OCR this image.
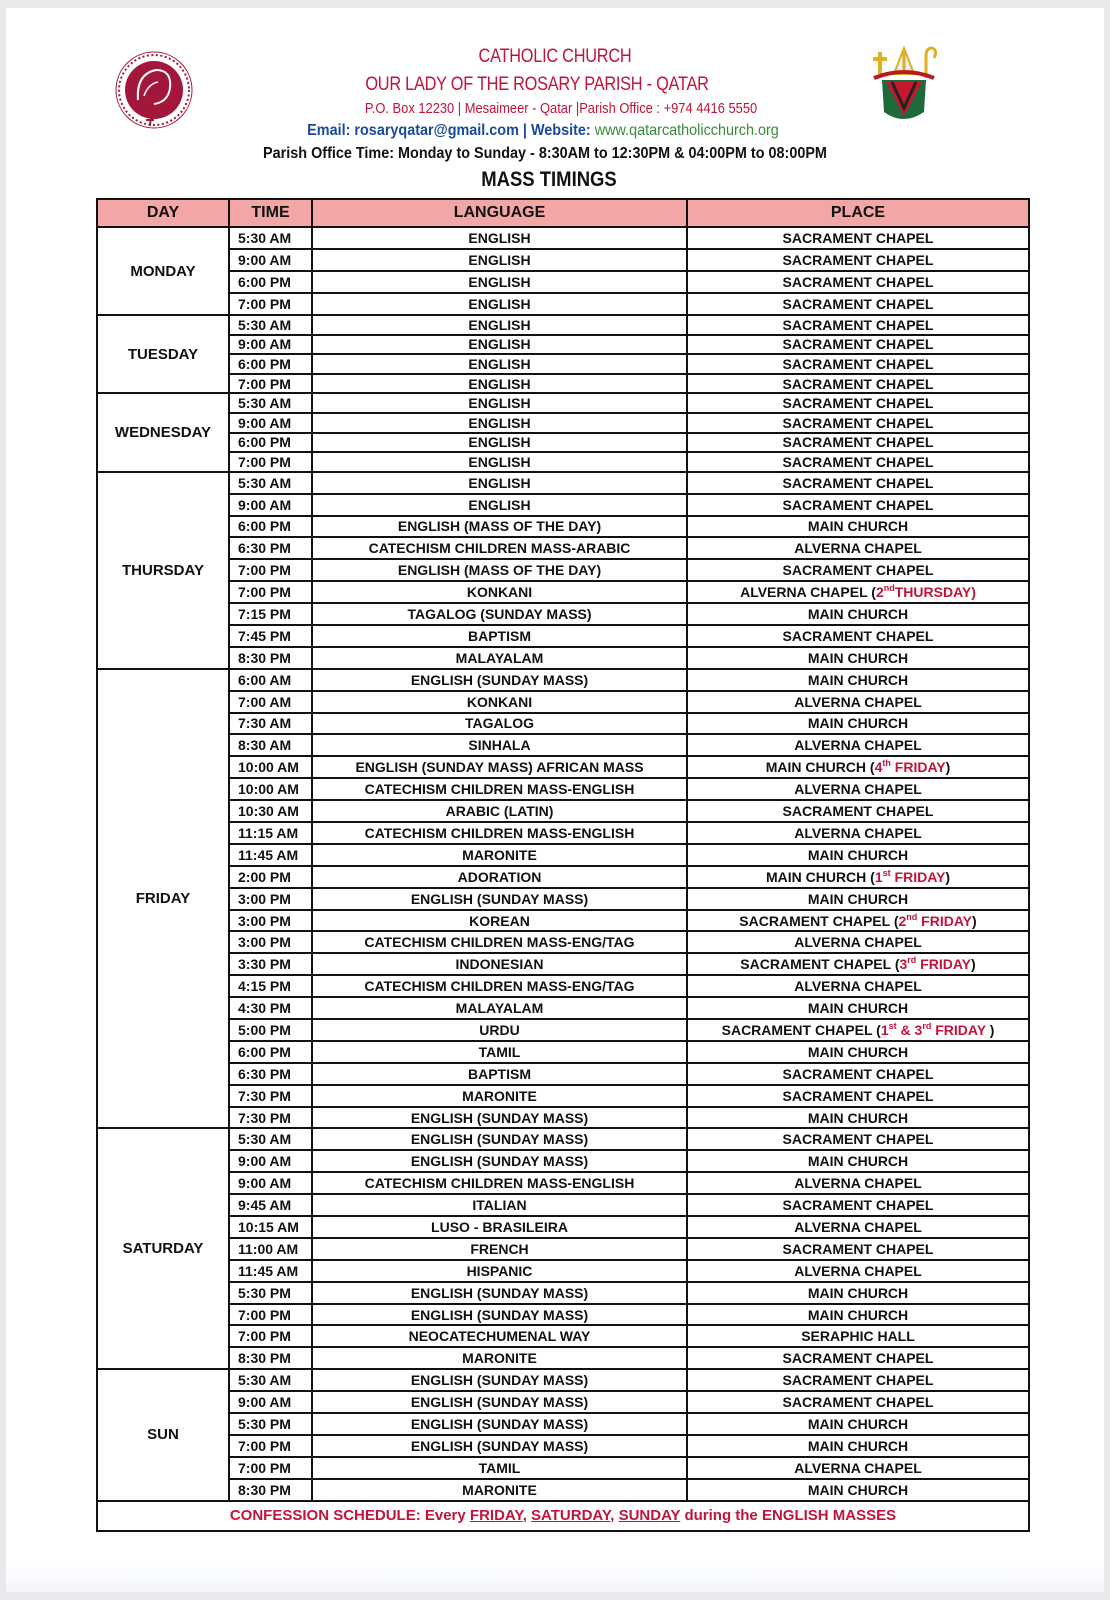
CATHOLIC CHURCH
OUR LADY OF THE ROSARY PARISH - QATAR
P.O. Box 12230 | Mesaimeer - Qatar |Parish Office : +974 4416 5550
Email: rosaryqatar@gmail.com | Website: www.qatarcatholicchurch.org
Parish Office Time: Monday to Sunday - 8:30AM to 12:30PM & 04:00PM to 08:00PM
MASS TIMINGS
DAY	TIME	LANGUAGE	PLACE
MONDAY	5:30 AM	ENGLISH	SACRAMENT CHAPEL
	9:00 AM	ENGLISH	SACRAMENT CHAPEL
	6:00 PM	ENGLISH	SACRAMENT CHAPEL
	7:00 PM	ENGLISH	SACRAMENT CHAPEL
TUESDAY	5:30 AM	ENGLISH	SACRAMENT CHAPEL
	9:00 AM	ENGLISH	SACRAMENT CHAPEL
	6:00 PM	ENGLISH	SACRAMENT CHAPEL
	7:00 PM	ENGLISH	SACRAMENT CHAPEL
WEDNESDAY	5:30 AM	ENGLISH	SACRAMENT CHAPEL
	9:00 AM	ENGLISH	SACRAMENT CHAPEL
	6:00 PM	ENGLISH	SACRAMENT CHAPEL
	7:00 PM	ENGLISH	SACRAMENT CHAPEL
THURSDAY	5:30 AM	ENGLISH	SACRAMENT CHAPEL
	9:00 AM	ENGLISH	SACRAMENT CHAPEL
	6:00 PM	ENGLISH (MASS OF THE DAY)	MAIN CHURCH
	6:30 PM	CATECHISM CHILDREN MASS-ARABIC	ALVERNA CHAPEL
	7:00 PM	ENGLISH (MASS OF THE DAY)	SACRAMENT CHAPEL
	7:00 PM	KONKANI	ALVERNA CHAPEL (2ndTHURSDAY)
	7:15 PM	TAGALOG (SUNDAY MASS)	MAIN CHURCH
	7:45 PM	BAPTISM	SACRAMENT CHAPEL
	8:30 PM	MALAYALAM	MAIN CHURCH
FRIDAY	6:00 AM	ENGLISH (SUNDAY MASS)	MAIN CHURCH
	7:00 AM	KONKANI	ALVERNA CHAPEL
	7:30 AM	TAGALOG	MAIN CHURCH
	8:30 AM	SINHALA	ALVERNA CHAPEL
	10:00 AM	ENGLISH (SUNDAY MASS) AFRICAN MASS	MAIN CHURCH (4th FRIDAY)
	10:00 AM	CATECHISM CHILDREN MASS-ENGLISH	ALVERNA CHAPEL
	10:30 AM	ARABIC (LATIN)	SACRAMENT CHAPEL
	11:15 AM	CATECHISM CHILDREN MASS-ENGLISH	ALVERNA CHAPEL
	11:45 AM	MARONITE	MAIN CHURCH
	2:00 PM	ADORATION	MAIN CHURCH (1st FRIDAY)
	3:00 PM	ENGLISH (SUNDAY MASS)	MAIN CHURCH
	3:00 PM	KOREAN	SACRAMENT CHAPEL (2nd FRIDAY)
	3:00 PM	CATECHISM CHILDREN MASS-ENG/TAG	ALVERNA CHAPEL
	3:30 PM	INDONESIAN	SACRAMENT CHAPEL (3rd FRIDAY)
	4:15 PM	CATECHISM CHILDREN MASS-ENG/TAG	ALVERNA CHAPEL
	4:30 PM	MALAYALAM	MAIN CHURCH
	5:00 PM	URDU	SACRAMENT CHAPEL (1st & 3rd FRIDAY )
	6:00 PM	TAMIL	MAIN CHURCH
	6:30 PM	BAPTISM	SACRAMENT CHAPEL
	7:30 PM	MARONITE	SACRAMENT CHAPEL
	7:30 PM	ENGLISH (SUNDAY MASS)	MAIN CHURCH
SATURDAY	5:30 AM	ENGLISH (SUNDAY MASS)	SACRAMENT CHAPEL
	9:00 AM	ENGLISH (SUNDAY MASS)	MAIN CHURCH
	9:00 AM	CATECHISM CHILDREN MASS-ENGLISH	ALVERNA CHAPEL
	9:45 AM	ITALIAN	SACRAMENT CHAPEL
	10:15 AM	LUSO - BRASILEIRA	ALVERNA CHAPEL
	11:00 AM	FRENCH	SACRAMENT CHAPEL
	11:45 AM	HISPANIC	ALVERNA CHAPEL
	5:30 PM	ENGLISH (SUNDAY MASS)	MAIN CHURCH
	7:00 PM	ENGLISH (SUNDAY MASS)	MAIN CHURCH
	7:00 PM	NEOCATECHUMENAL WAY	SERAPHIC HALL
	8:30 PM	MARONITE	SACRAMENT CHAPEL
SUN	5:30 AM	ENGLISH (SUNDAY MASS)	SACRAMENT CHAPEL
	9:00 AM	ENGLISH (SUNDAY MASS)	SACRAMENT CHAPEL
	5:30 PM	ENGLISH (SUNDAY MASS)	MAIN CHURCH
	7:00 PM	ENGLISH (SUNDAY MASS)	MAIN CHURCH
	7:00 PM	TAMIL	ALVERNA CHAPEL
	8:30 PM	MARONITE	MAIN CHURCH
CONFESSION SCHEDULE: Every FRIDAY, SATURDAY, SUNDAY during the ENGLISH MASSES			
